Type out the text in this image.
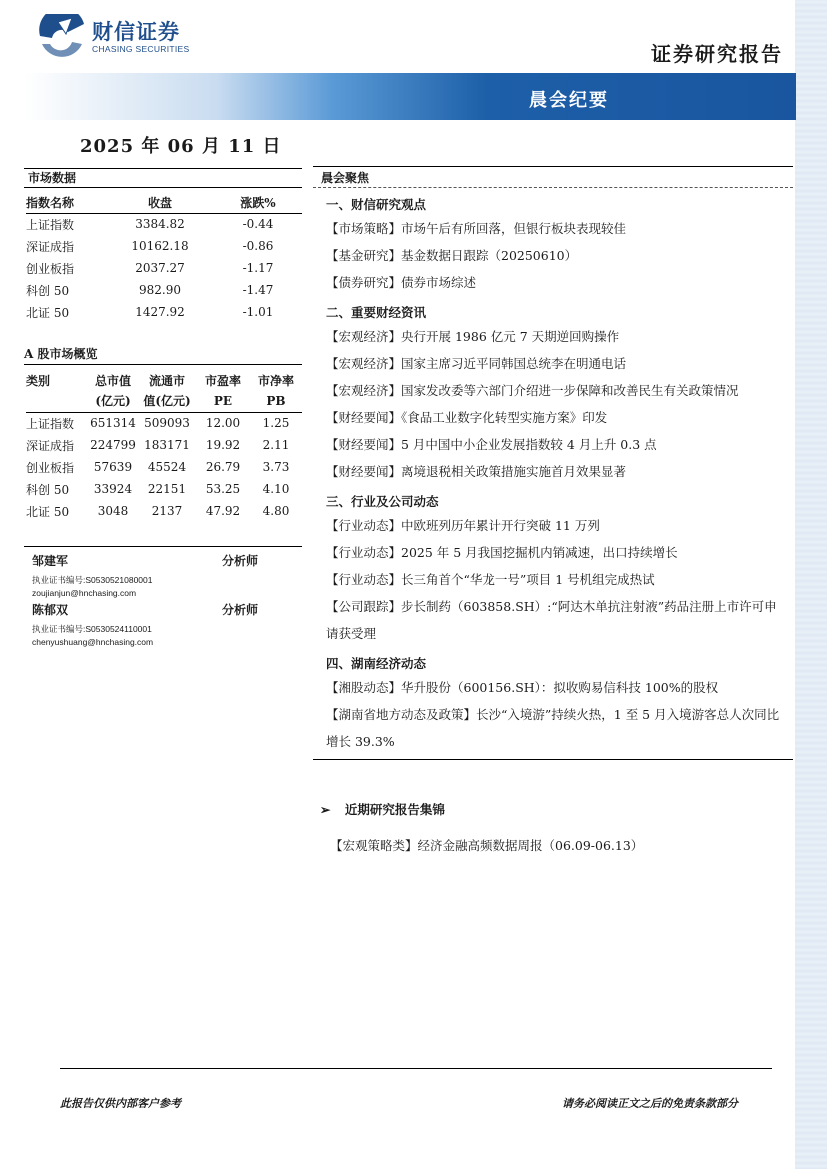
财信证券
CHASING SECURITIES	证券研究报告
晨会纪要
2025 年 06 月 11 日
市场数据
指数名称	收盘	涨跌%
上证指数	3384.82	-0.44
深证成指	10162.18	-0.86
创业板指	2037.27	-1.17
科创 50	982.90	-1.47
北证 50	1427.92	-1.01
A 股市场概览
类别	总市值	流通市	市盈率	市净率
	(亿元)	值(亿元)	PE	PB
上证指数	651314	509093	12.00	1.25
深证成指	224799	183171	19.92	2.11
创业板指	57639	45524	26.79	3.73
科创 50	33924	22151	53.25	4.10
北证 50	3048	2137	47.92	4.80
邹建军	分析师
执业证书编号:S0530521080001
zoujianjun@hnchasing.com
陈郁双	分析师
执业证书编号:S0530524110001
chenyushuang@hnchasing.com
晨会聚焦
一、财信研究观点
【市场策略】市场午后有所回落，但银行板块表现较佳
【基金研究】基金数据日跟踪（20250610）
【债券研究】债券市场综述
二、重要财经资讯
【宏观经济】央行开展 1986 亿元 7 天期逆回购操作
【宏观经济】国家主席习近平同韩国总统李在明通电话
【宏观经济】国家发改委等六部门介绍进一步保障和改善民生有关政策情况
【财经要闻】《食品工业数字化转型实施方案》印发
【财经要闻】5 月中国中小企业发展指数较 4 月上升 0.3 点
【财经要闻】离境退税相关政策措施实施首月效果显著
三、行业及公司动态
【行业动态】中欧班列历年累计开行突破 11 万列
【行业动态】2025 年 5 月我国挖掘机内销减速，出口持续增长
【行业动态】长三角首个“华龙一号”项目 1 号机组完成热试
【公司跟踪】步长制药（603858.SH）:“阿达木单抗注射液”药品注册上市许可申请获受理
四、湖南经济动态
【湘股动态】华升股份（600156.SH）：拟收购易信科技 100%的股权
【湖南省地方动态及政策】长沙“入境游”持续火热，1 至 5 月入境游客总人次同比增长 39.3%
➢ 近期研究报告集锦
【宏观策略类】经济金融高频数据周报（06.09-06.13）
此报告仅供内部客户参考	请务必阅读正文之后的免责条款部分
